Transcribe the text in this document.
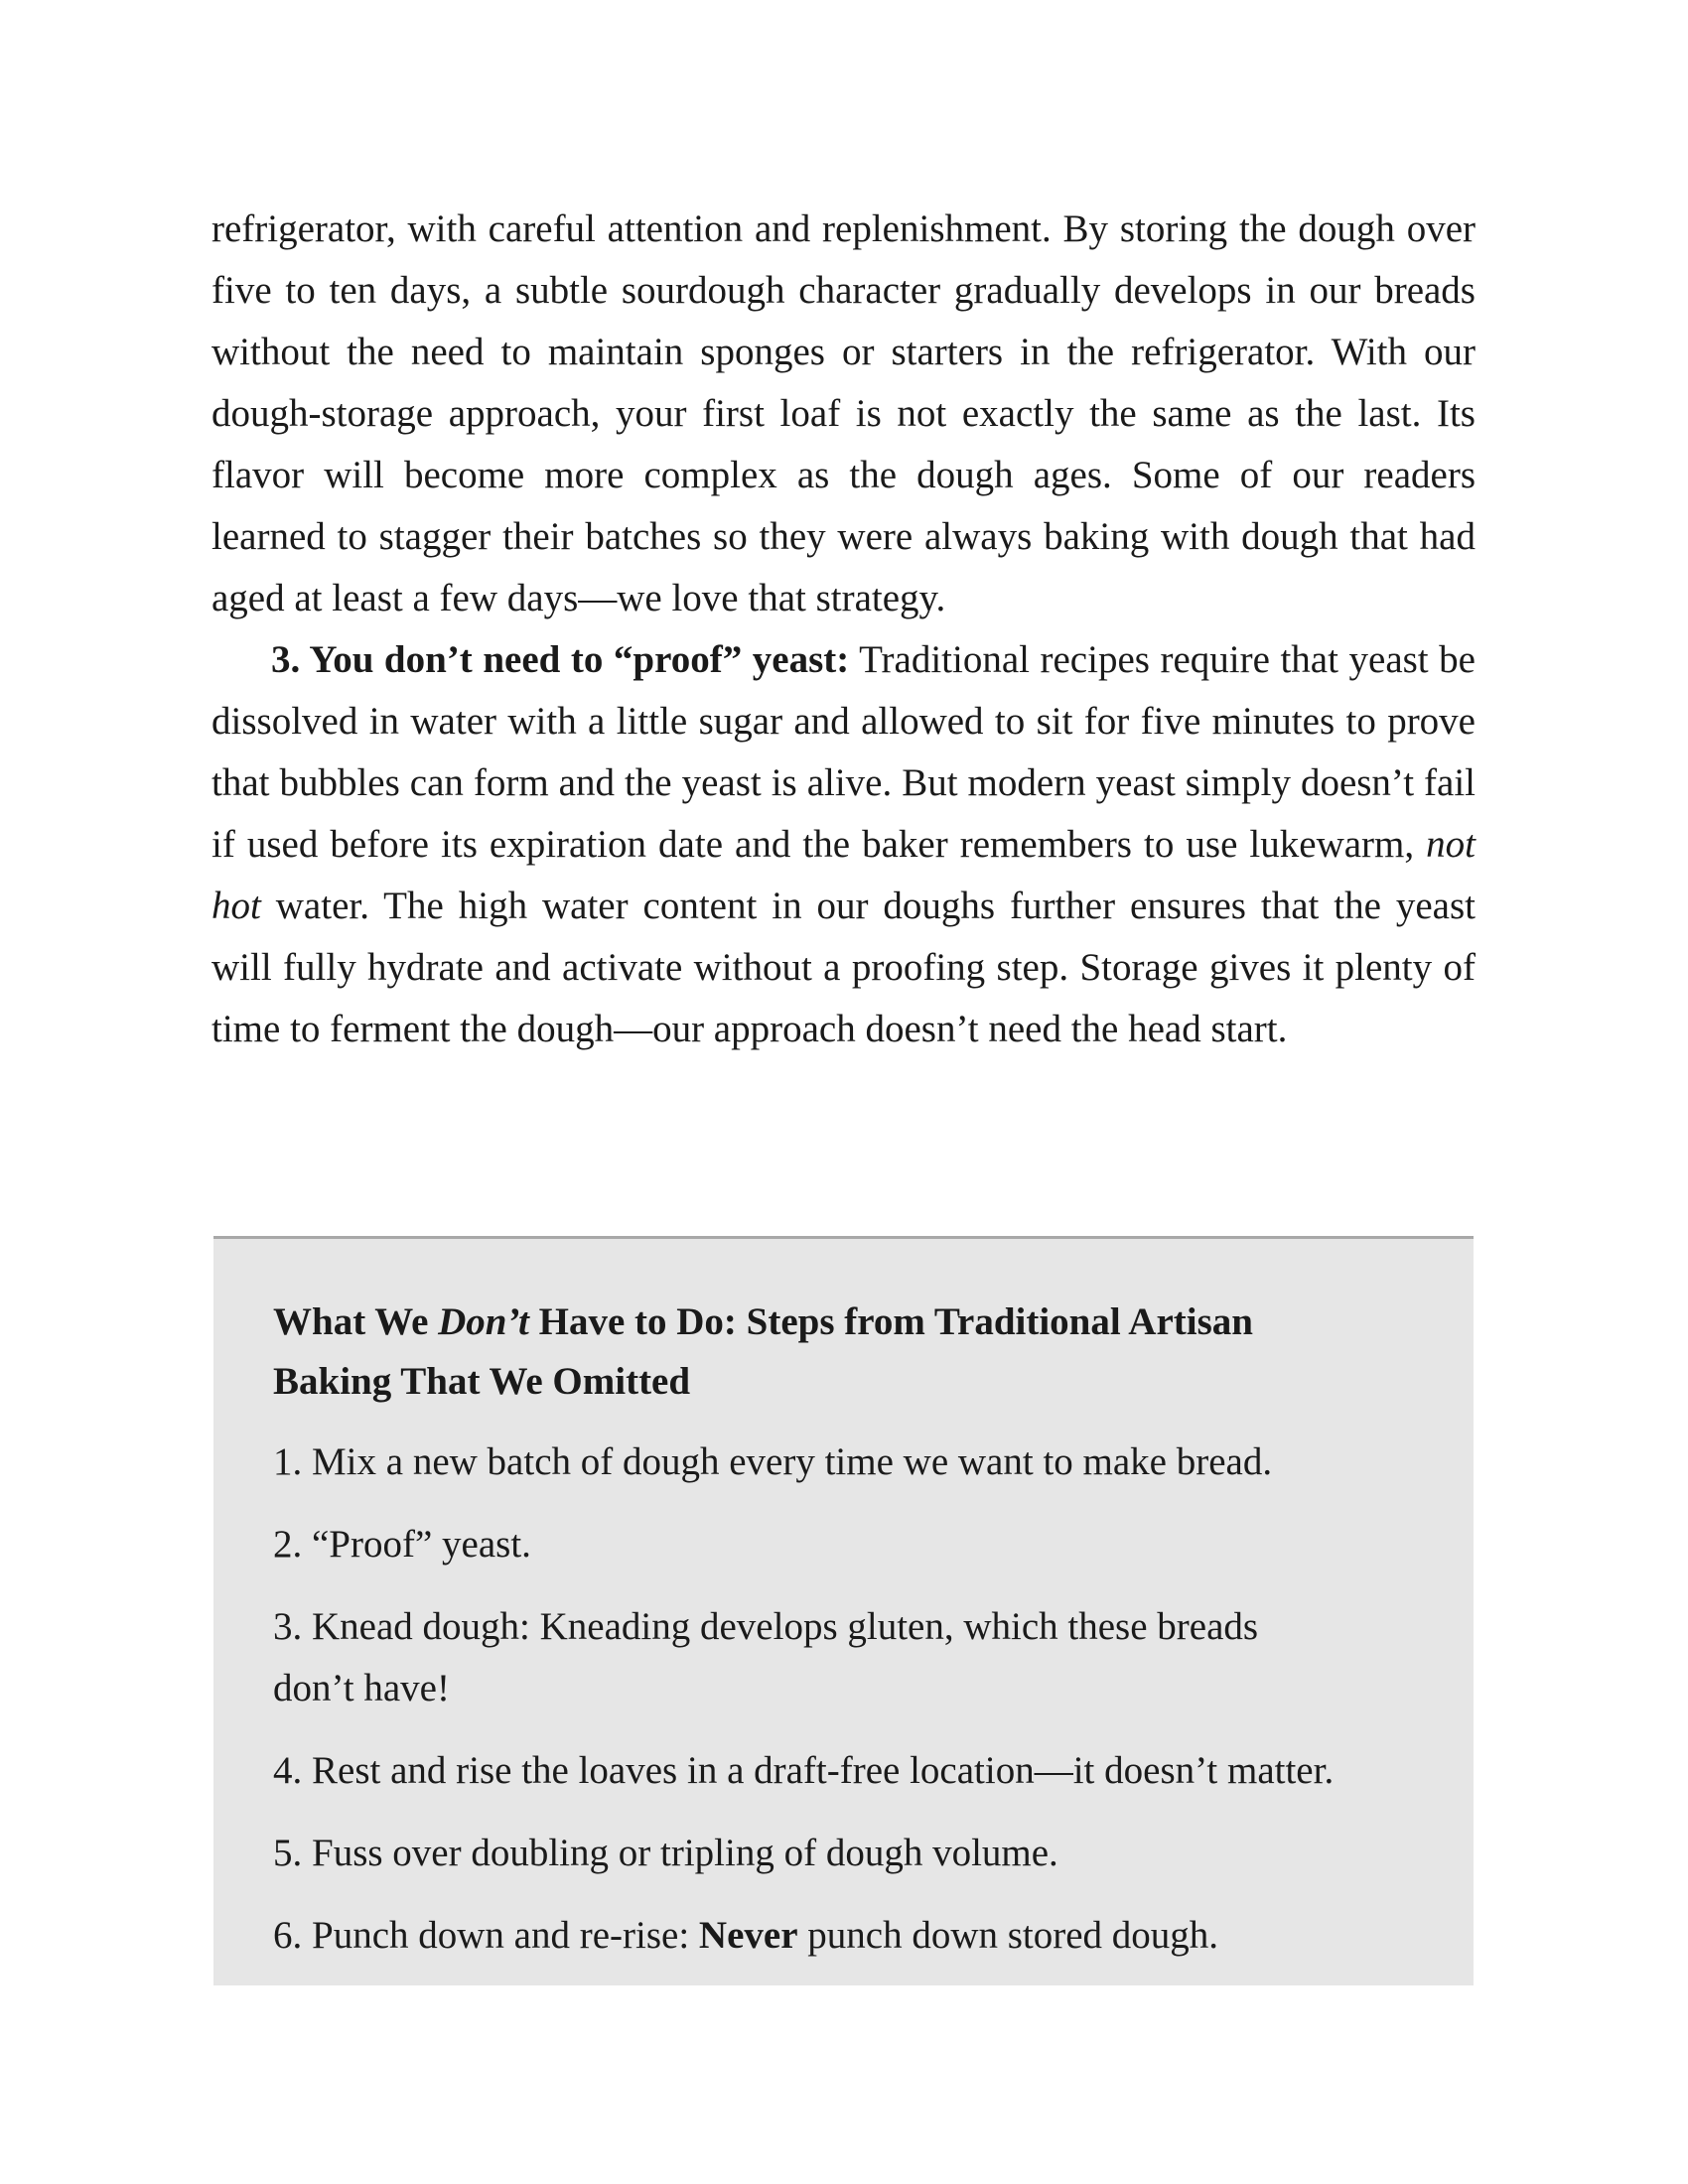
refrigerator, with careful attention and replenishment. By storing the dough over five to ten days, a subtle sourdough character gradually develops in our breads without the need to maintain sponges or starters in the refrigerator. With our dough-storage approach, your first loaf is not exactly the same as the last. Its flavor will become more complex as the dough ages. Some of our readers learned to stagger their batches so they were always baking with dough that had aged at least a few days—we love that strategy.

3. You don’t need to “proof” yeast: Traditional recipes require that yeast be dissolved in water with a little sugar and allowed to sit for five minutes to prove that bubbles can form and the yeast is alive. But modern yeast simply doesn’t fail if used before its expiration date and the baker remembers to use lukewarm, not hot water. The high water content in our doughs further ensures that the yeast will fully hydrate and activate without a proofing step. Storage gives it plenty of time to ferment the dough—our approach doesn’t need the head start.

What We Don’t Have to Do: Steps from Traditional Artisan Baking That We Omitted
1. Mix a new batch of dough every time we want to make bread.
2. “Proof” yeast.
3. Knead dough: Kneading develops gluten, which these breads don’t have!
4. Rest and rise the loaves in a draft-free location—it doesn’t matter.
5. Fuss over doubling or tripling of dough volume.
6. Punch down and re-rise: Never punch down stored dough.
